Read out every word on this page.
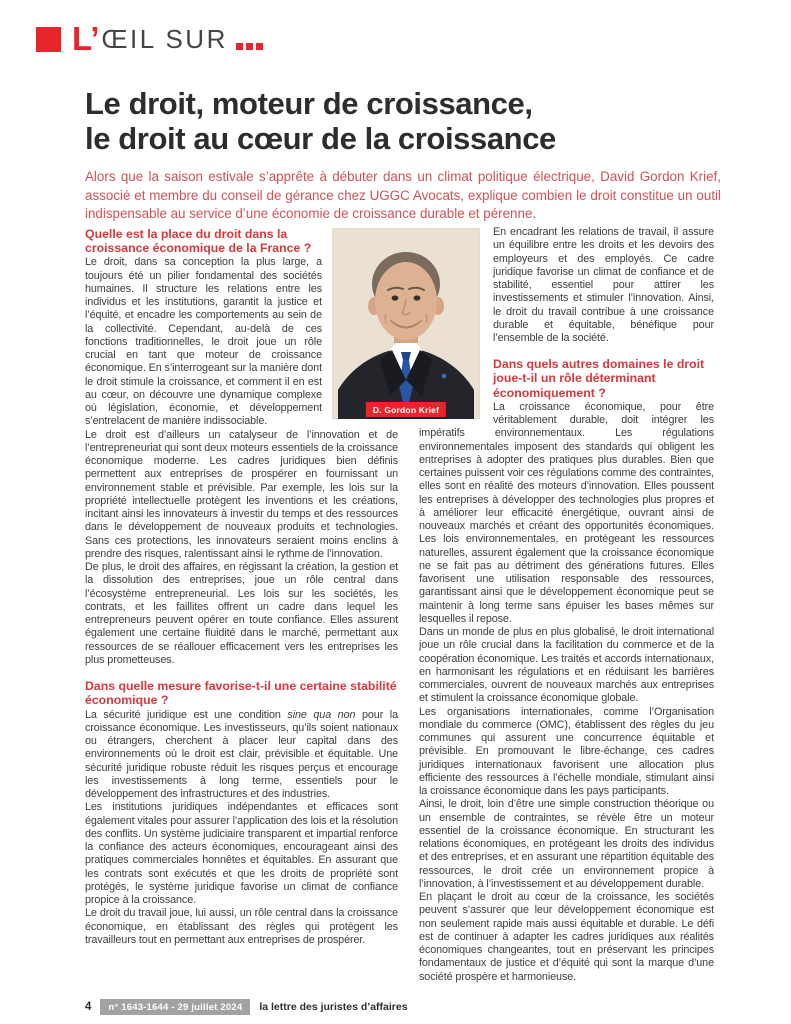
L’ ŒIL SUR
Le droit, moteur de croissance,
le droit au cœur de la croissance
Alors que la saison estivale s’apprête à débuter dans un climat politique électrique, David Gordon Krief, associé et membre du conseil de gérance chez UGGC Avocats, explique combien le droit constitue un outil indispensable au service d’une économie de croissance durable et pérenne.
Quelle est la place du droit dans la croissance économique de la France ?

Le droit, dans sa conception la plus large, a toujours été un pilier fondamental des sociétés humaines. Il structure les relations entre les individus et les institutions, garantit la justice et l’équité, et encadre les comportements au sein de la collectivité. Cependant, au-delà de ces fonctions traditionnelles, le droit joue un rôle crucial en tant que moteur de croissance économique. En s’interrogeant sur la manière dont le droit stimule la croissance, et comment il en est au cœur, on découvre une dynamique complexe où législation, économie, et développement s’entrelacent de manière indissociable.

Le droit est d’ailleurs un catalyseur de l’innovation et de l’entrepreneuriat qui sont deux moteurs essentiels de la croissance économique moderne. Les cadres juridiques bien définis permettent aux entreprises de prospérer en fournissant un environnement stable et prévisible. Par exemple, les lois sur la propriété intellectuelle protègent les inventions et les créations, incitant ainsi les innovateurs à investir du temps et des ressources dans le développement de nouveaux produits et technologies. Sans ces protections, les innovateurs seraient moins enclins à prendre des risques, ralentissant ainsi le rythme de l’innovation.

De plus, le droit des affaires, en régissant la création, la gestion et la dissolution des entreprises, joue un rôle central dans l’écosystème entrepreneurial. Les lois sur les sociétés, les contrats, et les faillites offrent un cadre dans lequel les entrepreneurs peuvent opérer en toute confiance. Elles assurent également une certaine fluidité dans le marché, permettant aux ressources de se réallouer efficacement vers les entreprises les plus prometteuses.

Dans quelle mesure favorise-t-il une certaine stabilité économique ?

La sécurité juridique est une condition sine qua non pour la croissance économique. Les investisseurs, qu’ils soient nationaux ou étrangers, cherchent à placer leur capital dans des environnements où le droit est clair, prévisible et équitable. Une sécurité juridique robuste réduit les risques perçus et encourage les investissements à long terme, essentiels pour le développement des infrastructures et des industries.

Les institutions juridiques indépendantes et efficaces sont également vitales pour assurer l’application des lois et la résolution des conflits. Un système judiciaire transparent et impartial renforce la confiance des acteurs économiques, encourageant ainsi des pratiques commerciales honnêtes et équitables. En assurant que les contrats sont exécutés et que les droits de propriété sont protégés, le système juridique favorise un climat de confiance propice à la croissance.

Le droit du travail joue, lui aussi, un rôle central dans la croissance économique, en établissant des règles qui protègent les travailleurs tout en permettant aux entreprises de prospérer.

En encadrant les relations de travail, il assure un équilibre entre les droits et les devoirs des employeurs et des employés. Ce cadre juridique favorise un climat de confiance et de stabilité, essentiel pour attirer les investissements et stimuler l’innovation. Ainsi, le droit du travail contribue à une croissance durable et équitable, bénéfique pour l’ensemble de la société.

Dans quels autres domaines le droit joue-t-il un rôle déterminant économiquement ?

La croissance économique, pour être véritablement durable, doit intégrer les impératifs environnementaux. Les régulations environnementales imposent des standards qui obligent les entreprises à adopter des pratiques plus durables. Bien que certaines puissent voir ces régulations comme des contraintes, elles sont en réalité des moteurs d’innovation. Elles poussent les entreprises à développer des technologies plus propres et à améliorer leur efficacité énergétique, ouvrant ainsi de nouveaux marchés et créant des opportunités économiques. Les lois environnementales, en protégeant les ressources naturelles, assurent également que la croissance économique ne se fait pas au détriment des générations futures. Elles favorisent une utilisation responsable des ressources, garantissant ainsi que le développement économique peut se maintenir à long terme sans épuiser les bases mêmes sur lesquelles il repose.

Dans un monde de plus en plus globalisé, le droit international joue un rôle crucial dans la facilitation du commerce et de la coopération économique. Les traités et accords internationaux, en harmonisant les régulations et en réduisant les barrières commerciales, ouvrent de nouveaux marchés aux entreprises et stimulent la croissance économique globale.

Les organisations internationales, comme l’Organisation mondiale du commerce (OMC), établissent des règles du jeu communes qui assurent une concurrence équitable et prévisible. En promouvant le libre-échange, ces cadres juridiques internationaux favorisent une allocation plus efficiente des ressources à l’échelle mondiale, stimulant ainsi la croissance économique dans les pays participants.

Ainsi, le droit, loin d’être une simple construction théorique ou un ensemble de contraintes, se révèle être un moteur essentiel de la croissance économique. En structurant les relations économiques, en protégeant les droits des individus et des entreprises, et en assurant une répartition équitable des ressources, le droit crée un environnement propice à l’innovation, à l’investissement et au développement durable.

En plaçant le droit au cœur de la croissance, les sociétés peuvent s’assurer que leur développement économique est non seulement rapide mais aussi équitable et durable. Le défi est de continuer à adapter les cadres juridiques aux réalités économiques changeantes, tout en préservant les principes fondamentaux de justice et d’équité qui sont la marque d’une société prospère et harmonieuse.

D. Gordon Krief
4	n° 1643-1644 - 29 juillet 2024	la lettre des juristes d’affaires
